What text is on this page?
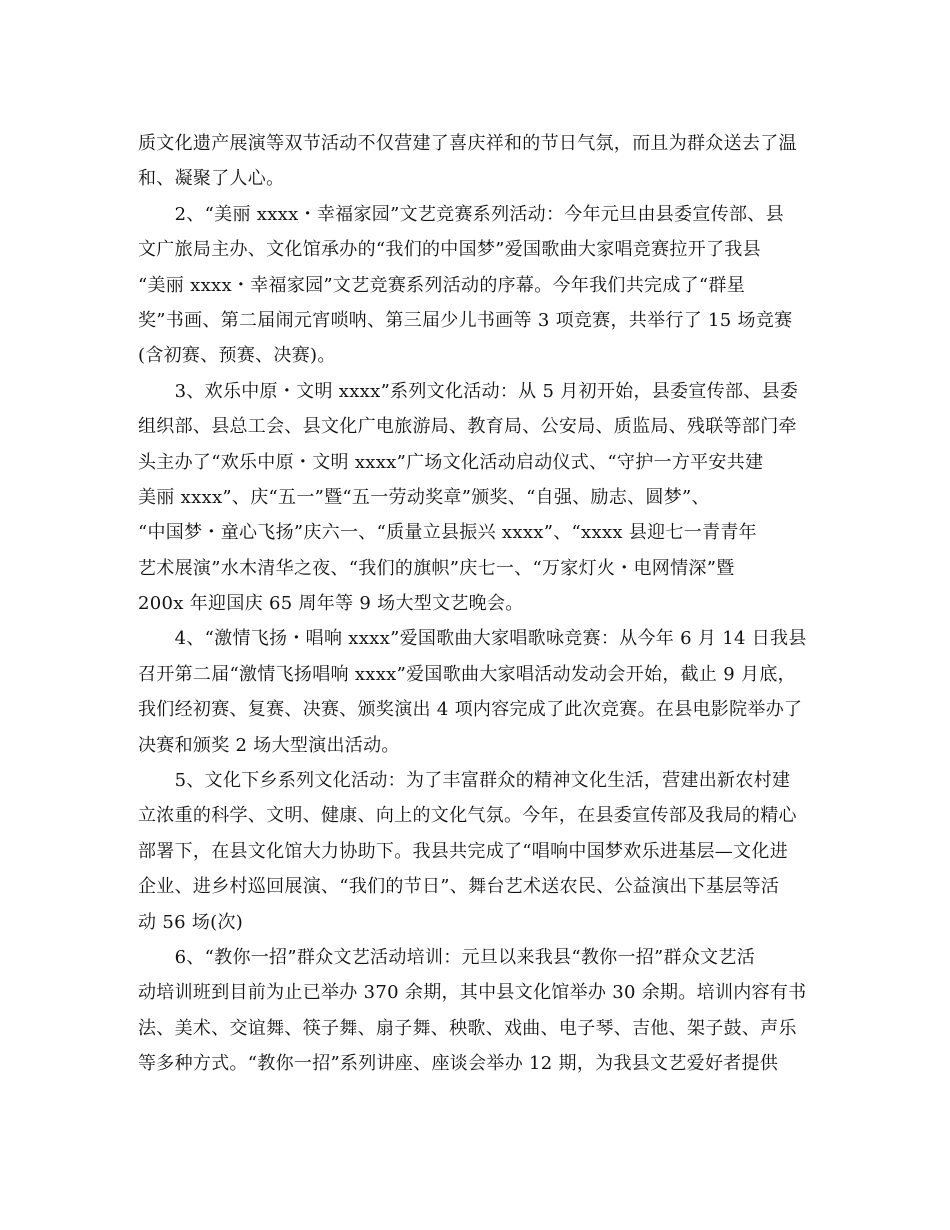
质文化遗产展演等双节活动不仅营建了喜庆祥和的节日气氛，而且为群众送去了温
和、凝聚了人心。
　　2、“美丽 xxxx・幸福家园”文艺竞赛系列活动：今年元旦由县委宣传部、县
文广旅局主办、文化馆承办的“我们的中国梦”爱国歌曲大家唱竞赛拉开了我县
“美丽 xxxx・幸福家园”文艺竞赛系列活动的序幕。今年我们共完成了“群星
奖”书画、第二届闹元宵唢呐、第三届少儿书画等 3 项竞赛，共举行了 15 场竞赛
(含初赛、预赛、决赛)。
　　3、欢乐中原・文明 xxxx”系列文化活动：从 5 月初开始，县委宣传部、县委
组织部、县总工会、县文化广电旅游局、教育局、公安局、质监局、残联等部门牵
头主办了“欢乐中原・文明 xxxx”广场文化活动启动仪式、“守护一方平安共建
美丽 xxxx”、庆“五一”暨“五一劳动奖章”颁奖、“自强、励志、圆梦”、
“中国梦・童心飞扬”庆六一、“质量立县振兴 xxxx”、“xxxx 县迎七一青青年
艺术展演”水木清华之夜、“我们的旗帜”庆七一、“万家灯火・电网情深”暨
200x 年迎国庆 65 周年等 9 场大型文艺晚会。
　　4、“激情飞扬・唱响 xxxx”爱国歌曲大家唱歌咏竞赛：从今年 6 月 14 日我县
召开第二届“激情飞扬唱响 xxxx”爱国歌曲大家唱活动发动会开始，截止 9 月底，
我们经初赛、复赛、决赛、颁奖演出 4 项内容完成了此次竞赛。在县电影院举办了
决赛和颁奖 2 场大型演出活动。
　　5、文化下乡系列文化活动：为了丰富群众的精神文化生活，营建出新农村建
立浓重的科学、文明、健康、向上的文化气氛。今年，在县委宣传部及我局的精心
部署下，在县文化馆大力协助下。我县共完成了“唱响中国梦欢乐进基层—文化进
企业、进乡村巡回展演、“我们的节日”、舞台艺术送农民、公益演出下基层等活
动 56 场(次)
　　6、“教你一招”群众文艺活动培训：元旦以来我县“教你一招”群众文艺活
动培训班到目前为止已举办 370 余期，其中县文化馆举办 30 余期。培训内容有书
法、美术、交谊舞、筷子舞、扇子舞、秧歌、戏曲、电子琴、吉他、架子鼓、声乐
等多种方式。“教你一招”系列讲座、座谈会举办 12 期，为我县文艺爱好者提供
